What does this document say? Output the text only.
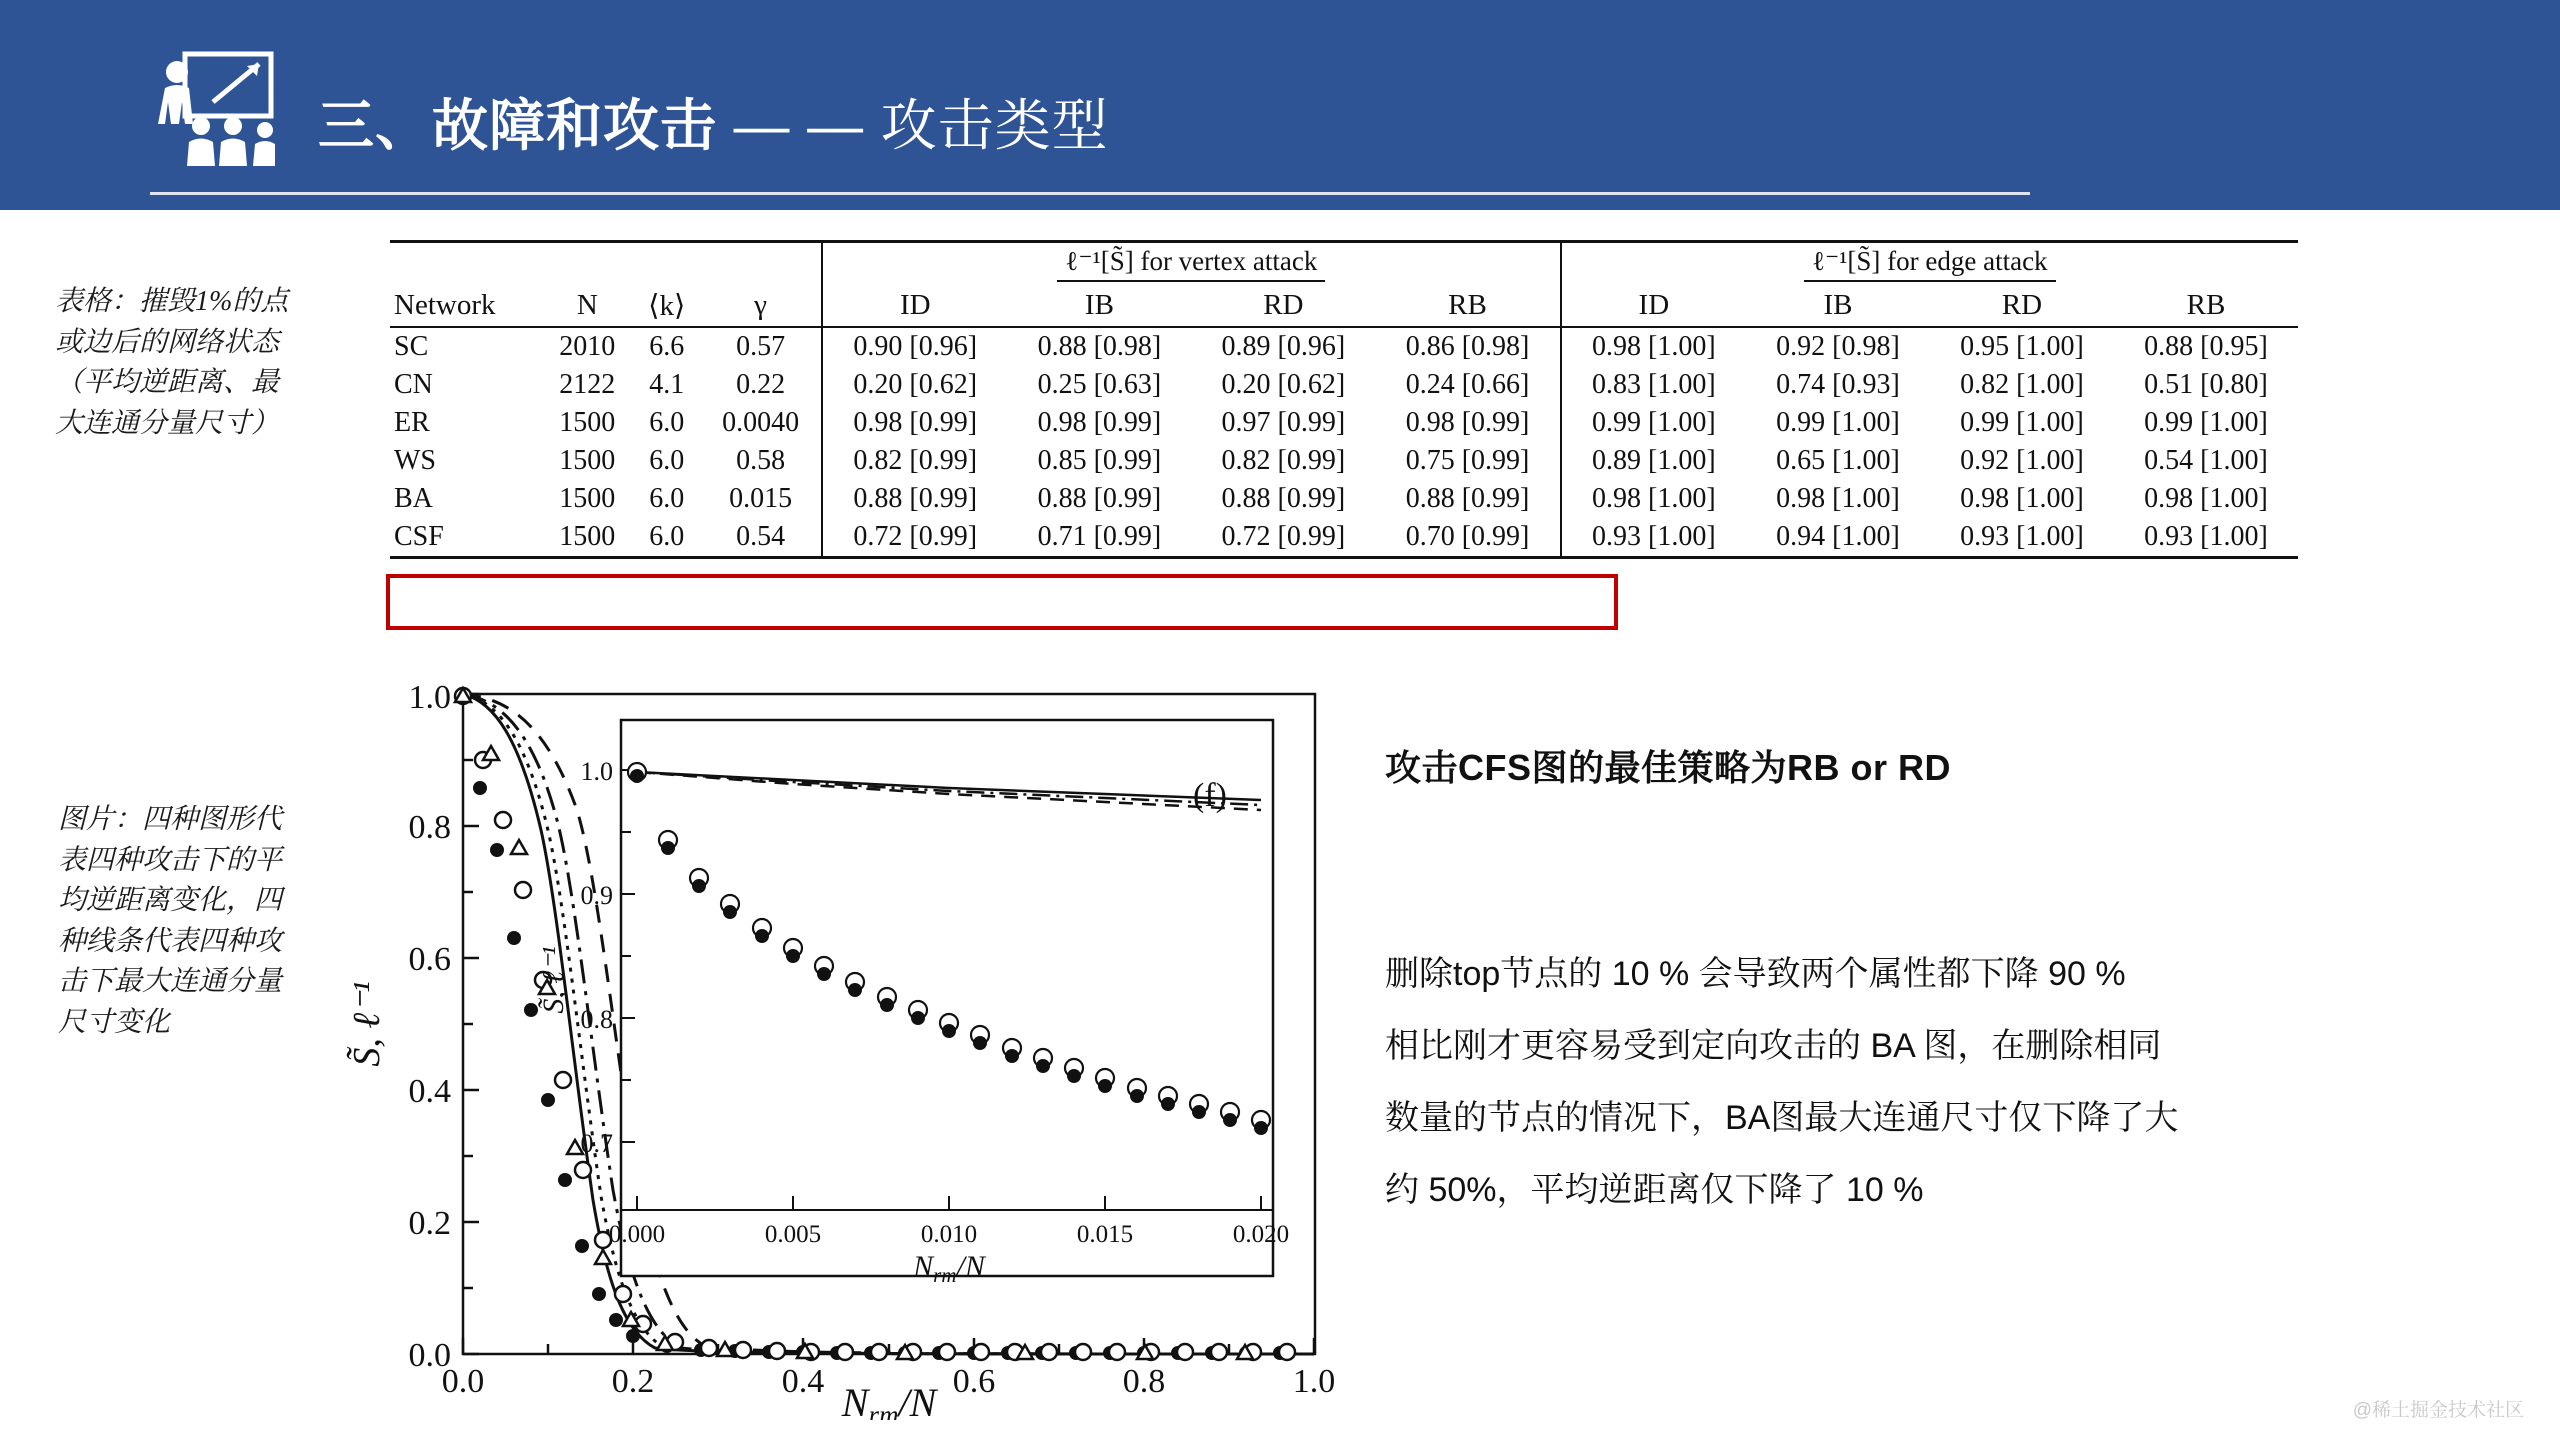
三、故障和攻击 — — 攻击类型
表格：摧毁1%的点或边后的网络状态（平均逆距离、最大连通分量尺寸）
图片：四种图形代表四种攻击下的平均逆距离变化，四种线条代表四种攻击下最大连通分量尺寸变化
				ℓ⁻¹[S̃] for vertex attack				ℓ⁻¹[S̃] for edge attack			
Network	N	⟨k⟩	γ	ID	IB	RD	RB	ID	IB	RD	RB
SC	2010	6.6	0.57	0.90 [0.96]	0.88 [0.98]	0.89 [0.96]	0.86 [0.98]	0.98 [1.00]	0.92 [0.98]	0.95 [1.00]	0.88 [0.95]
CN	2122	4.1	0.22	0.20 [0.62]	0.25 [0.63]	0.20 [0.62]	0.24 [0.66]	0.83 [1.00]	0.74 [0.93]	0.82 [1.00]	0.51 [0.80]
ER	1500	6.0	0.0040	0.98 [0.99]	0.98 [0.99]	0.97 [0.99]	0.98 [0.99]	0.99 [1.00]	0.99 [1.00]	0.99 [1.00]	0.99 [1.00]
WS	1500	6.0	0.58	0.82 [0.99]	0.85 [0.99]	0.82 [0.99]	0.75 [0.99]	0.89 [1.00]	0.65 [1.00]	0.92 [1.00]	0.54 [1.00]
BA	1500	6.0	0.015	0.88 [0.99]	0.88 [0.99]	0.88 [0.99]	0.88 [0.99]	0.98 [1.00]	0.98 [1.00]	0.98 [1.00]	0.98 [1.00]
CSF	1500	6.0	0.54	0.72 [0.99]	0.71 [0.99]	0.72 [0.99]	0.70 [0.99]	0.93 [1.00]	0.94 [1.00]	0.93 [1.00]	0.93 [1.00]
0.0
0.2
0.4
0.6
0.8
1.0
0.0	0.2	0.4	0.6	0.8	1.0
S̃, ℓ⁻¹
1.0
0.9
0.8
0.7
0.000	0.005	0.010	0.015	0.020
S̃, ℓ⁻¹
$N_{rm}/N$
(f)
$N_{rm}/N$
攻击CFS图的最佳策略为RB or RD

删除top节点的 10 % 会导致两个属性都下降 90 %

相比刚才更容易受到定向攻击的 BA 图，在删除相同

数量的节点的情况下，BA图最大连通尺寸仅下降了大

约 50%，平均逆距离仅下降了 10 %

@稀土掘金技术社区
